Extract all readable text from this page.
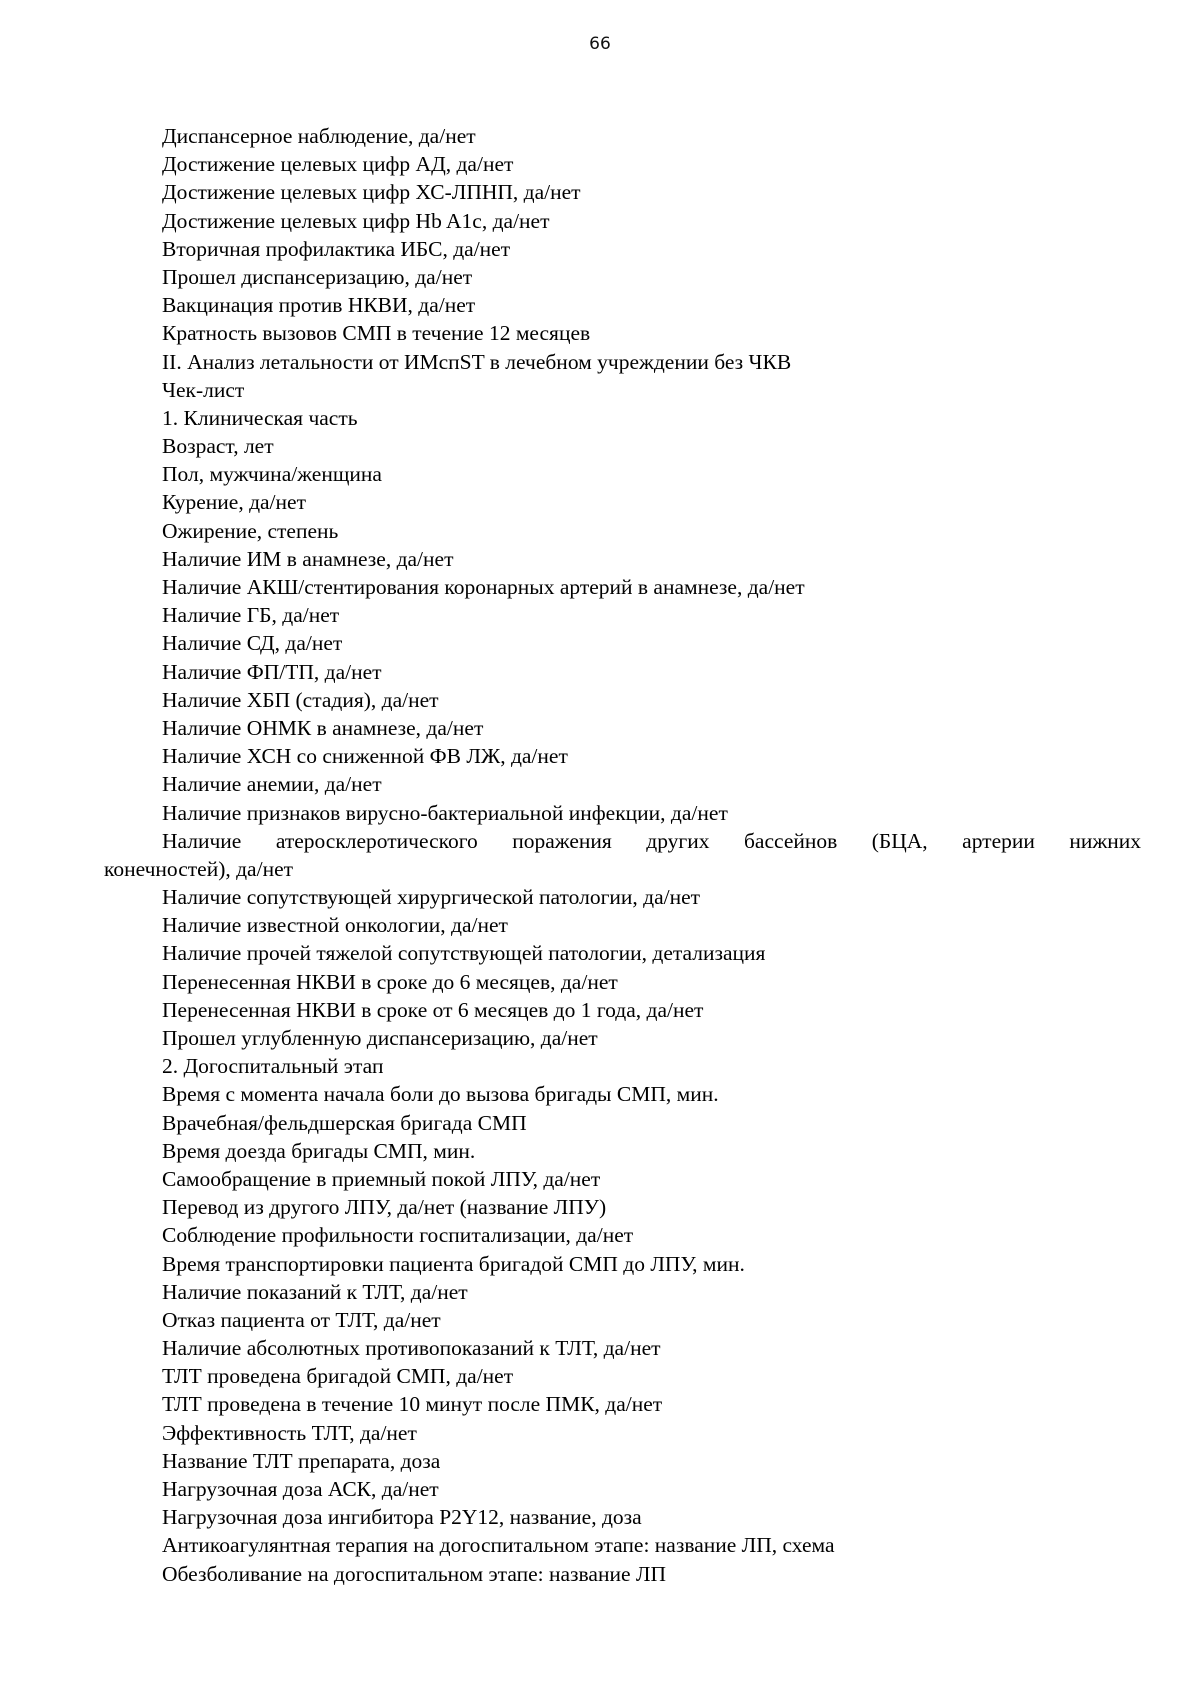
66

Диспансерное наблюдение, да/нет

Достижение целевых цифр АД, да/нет

Достижение целевых цифр ХС-ЛПНП, да/нет

Достижение целевых цифр Hb A1c, да/нет

Вторичная профилактика ИБС, да/нет

Прошел диспансеризацию, да/нет

Вакцинация против НКВИ, да/нет

Кратность вызовов СМП в течение 12 месяцев

II. Анализ летальности от ИМспST в лечебном учреждении без ЧКВ

Чек-лист

1. Клиническая часть

Возраст, лет

Пол, мужчина/женщина

Курение, да/нет

Ожирение, степень

Наличие ИМ в анамнезе, да/нет

Наличие АКШ/стентирования коронарных артерий в анамнезе, да/нет

Наличие ГБ, да/нет

Наличие СД, да/нет

Наличие ФП/ТП, да/нет

Наличие ХБП (стадия), да/нет

Наличие ОНМК в анамнезе, да/нет

Наличие ХСН со сниженной ФВ ЛЖ, да/нет

Наличие анемии, да/нет

Наличие признаков вирусно-бактериальной инфекции, да/нет

Наличие атеросклеротического поражения других бассейнов (БЦА, артерии нижних

конечностей), да/нет

Наличие сопутствующей хирургической патологии, да/нет

Наличие известной онкологии, да/нет

Наличие прочей тяжелой сопутствующей патологии, детализация

Перенесенная НКВИ в сроке до 6 месяцев, да/нет

Перенесенная НКВИ в сроке от 6 месяцев до 1 года, да/нет

Прошел углубленную диспансеризацию, да/нет

2. Догоспитальный этап

Время с момента начала боли до вызова бригады СМП, мин.

Врачебная/фельдшерская бригада СМП

Время доезда бригады СМП, мин.

Самообращение в приемный покой ЛПУ, да/нет

Перевод из другого ЛПУ, да/нет (название ЛПУ)

Соблюдение профильности госпитализации, да/нет

Время транспортировки пациента бригадой СМП до ЛПУ, мин.

Наличие показаний к ТЛТ, да/нет

Отказ пациента от ТЛТ, да/нет

Наличие абсолютных противопоказаний к ТЛТ, да/нет

ТЛТ проведена бригадой СМП, да/нет

ТЛТ проведена в течение 10 минут после ПМК, да/нет

Эффективность ТЛТ, да/нет

Название ТЛТ препарата, доза

Нагрузочная доза АСК, да/нет

Нагрузочная доза ингибитора P2Y12, название, доза

Антикоагулянтная терапия на догоспитальном этапе: название ЛП, схема

Обезболивание на догоспитальном этапе: название ЛП
